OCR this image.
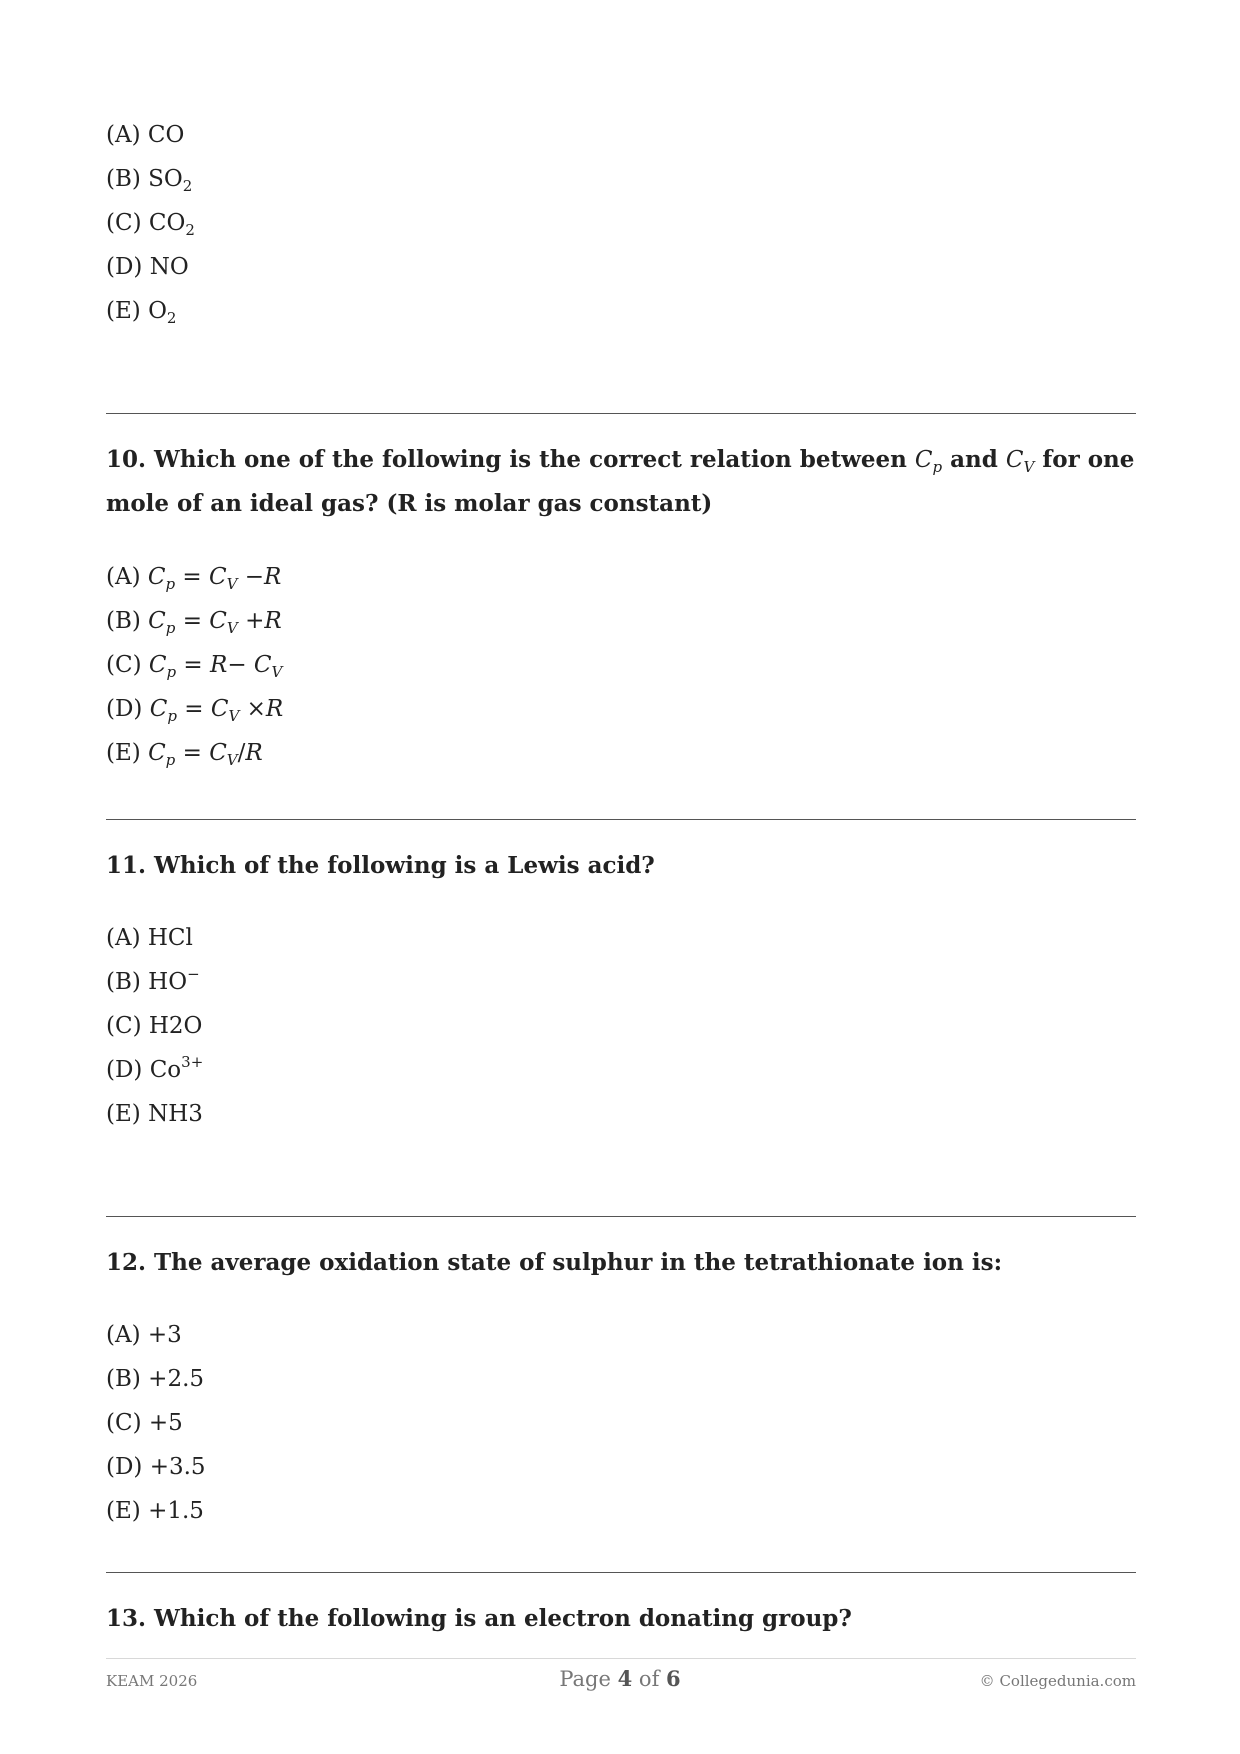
(A) CO
(B) $SO_2$
(C) $CO_2$
(D) NO
(E) $O_2$
10. Which one of the following is the correct relation between $C_p$ and $C_V$ for one mole of an ideal gas? (R is molar gas constant)
(A) $C_p = C_V -R$
(B) $C_p = C_V +R$
(C) $C_p = R- C_V$
(D) $C_p = C_V \times R$
(E) $C_p = C_V/R$
11. Which of the following is a Lewis acid?
(A) HCl
(B) HO−
(C) H2O
(D) $Co^{3+}$
(E) NH3
12. The average oxidation state of sulphur in the tetrathionate ion is:
(A) +3
(B) +2.5
(C) +5
(D) +3.5
(E) +1.5
13. Which of the following is an electron donating group?
KEAM 2026	Page 4 of 6	© Collegedunia.com
